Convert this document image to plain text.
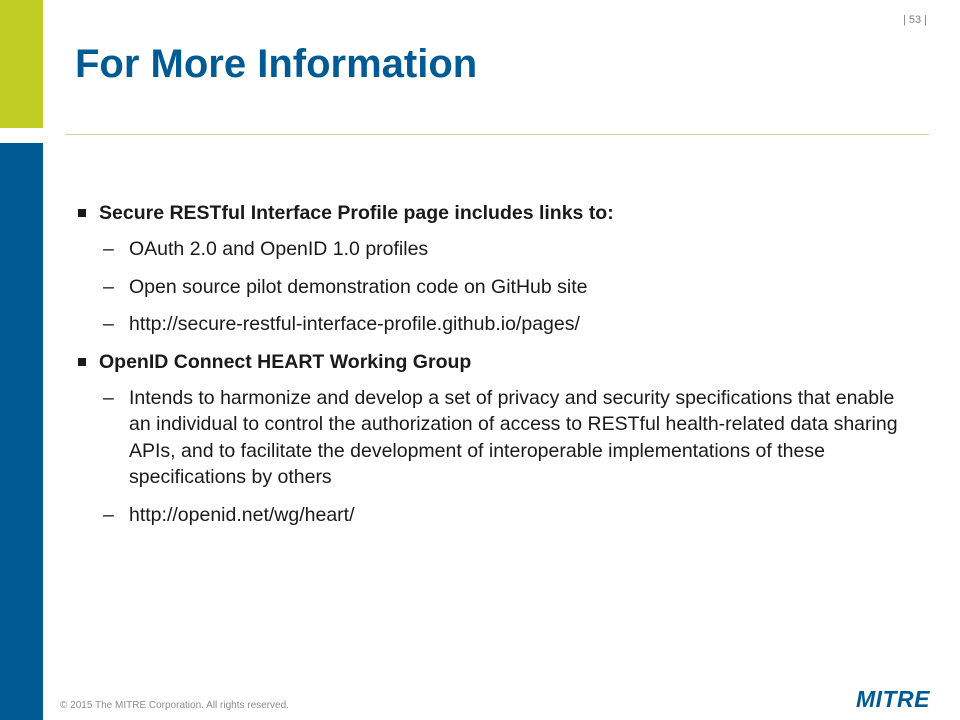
| 53 |
For More Information
Secure RESTful Interface Profile page includes links to:
– OAuth 2.0 and OpenID 1.0 profiles
– Open source pilot demonstration code on GitHub site
– http://secure-restful-interface-profile.github.io/pages/
OpenID Connect HEART Working Group
– Intends to harmonize and develop a set of privacy and security specifications that enable an individual to control the authorization of access to RESTful health-related data sharing APIs, and to facilitate the development of interoperable implementations of these specifications by others
– http://openid.net/wg/heart/
© 2015 The MITRE Corporation. All rights reserved.	MITRE
